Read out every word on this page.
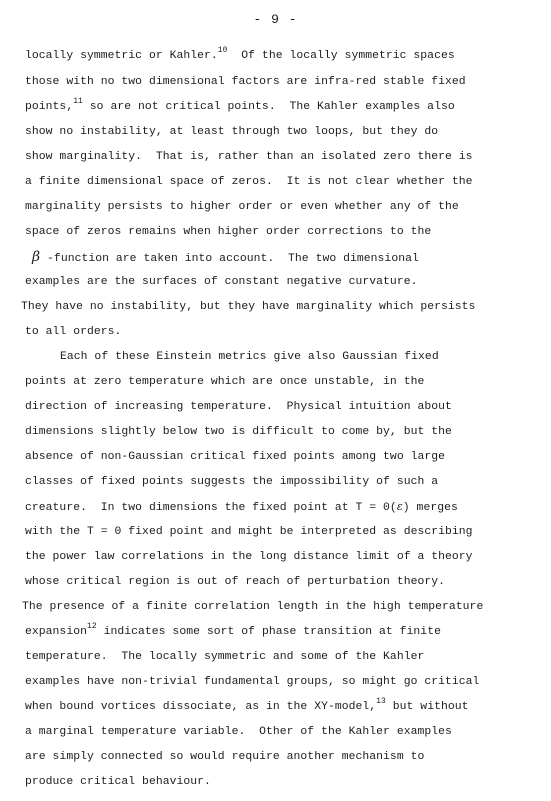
- 9 -
locally symmetric or Kahler.$^{10}$  Of the locally symmetric spaces
those with no two dimensional factors are infra-red stable fixed
points,$^{11}$ so are not critical points.  The Kahler examples also
show no instability, at least through two loops, but they do
show marginality.  That is, rather than an isolated zero there is
a finite dimensional space of zeros.  It is not clear whether the
marginality persists to higher order or even whether any of the
space of zeros remains when higher order corrections to the
β -function are taken into account.  The two dimensional
examples are the surfaces of constant negative curvature.
They have no instability, but they have marginality which persists
to all orders.
Each of these Einstein metrics give also Gaussian fixed
points at zero temperature which are once unstable, in the
direction of increasing temperature.  Physical intuition about
dimensions slightly below two is difficult to come by, but the
absence of non-Gaussian critical fixed points among two large
classes of fixed points suggests the impossibility of such a
creature.  In two dimensions the fixed point at T = 0(ε) merges
with the T = 0 fixed point and might be interpreted as describing
the power law correlations in the long distance limit of a theory
whose critical region is out of reach of perturbation theory.
The presence of a finite correlation length in the high temperature
expansion$^{12}$ indicates some sort of phase transition at finite
temperature.  The locally symmetric and some of the Kahler
examples have non-trivial fundamental groups, so might go critical
when bound vortices dissociate, as in the XY-model,$^{13}$ but without
a marginal temperature variable.  Other of the Kahler examples
are simply connected so would require another mechanism to
produce critical behaviour.
